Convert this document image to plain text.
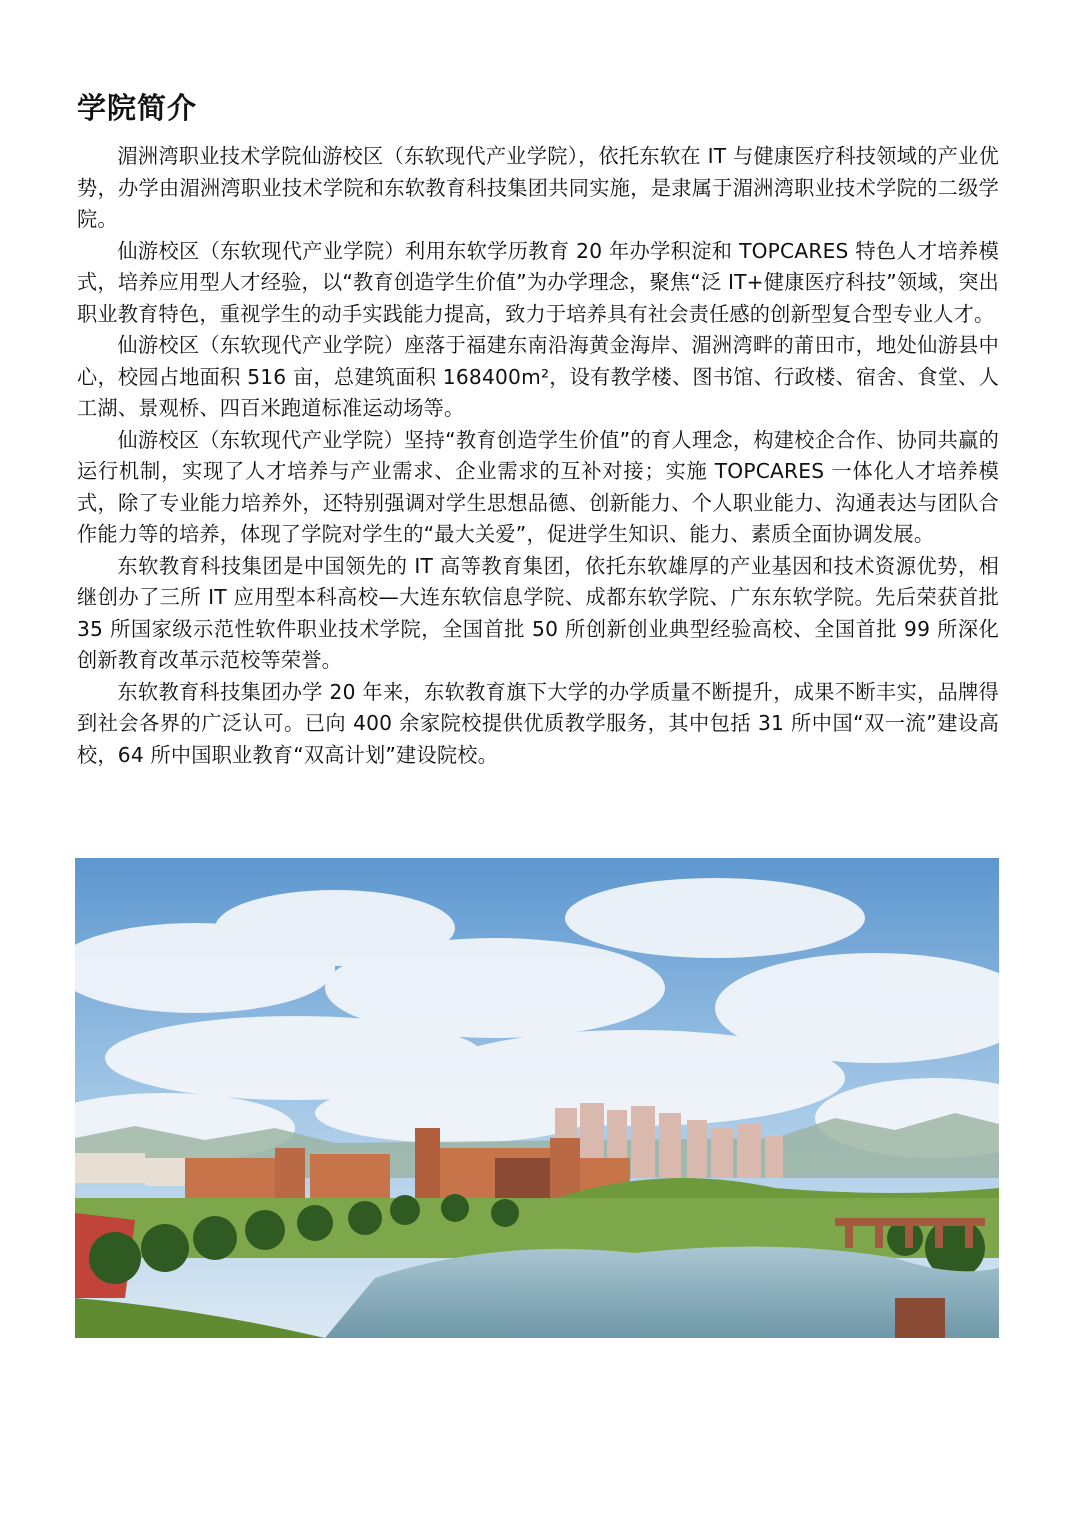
学院简介

湄洲湾职业技术学院仙游校区（东软现代产业学院），依托东软在 IT 与健康医疗科技领域的产业优势，办学由湄洲湾职业技术学院和东软教育科技集团共同实施，是隶属于湄洲湾职业技术学院的二级学院。

仙游校区（东软现代产业学院）利用东软学历教育 20 年办学积淀和 TOPCARES 特色人才培养模式，培养应用型人才经验，以“教育创造学生价值”为办学理念，聚焦“泛 IT+健康医疗科技”领域，突出职业教育特色，重视学生的动手实践能力提高，致力于培养具有社会责任感的创新型复合型专业人才。

仙游校区（东软现代产业学院）座落于福建东南沿海黄金海岸、湄洲湾畔的莆田市，地处仙游县中心，校园占地面积 516 亩，总建筑面积 168400m²，设有教学楼、图书馆、行政楼、宿舍、食堂、人工湖、景观桥、四百米跑道标准运动场等。

仙游校区（东软现代产业学院）坚持“教育创造学生价值”的育人理念，构建校企合作、协同共赢的运行机制，实现了人才培养与产业需求、企业需求的互补对接；实施 TOPCARES 一体化人才培养模式，除了专业能力培养外，还特别强调对学生思想品德、创新能力、个人职业能力、沟通表达与团队合作能力等的培养，体现了学院对学生的“最大关爱”，促进学生知识、能力、素质全面协调发展。

东软教育科技集团是中国领先的 IT 高等教育集团，依托东软雄厚的产业基因和技术资源优势，相继创办了三所 IT 应用型本科高校—大连东软信息学院、成都东软学院、广东东软学院。先后荣获首批 35 所国家级示范性软件职业技术学院，全国首批 50 所创新创业典型经验高校、全国首批 99 所深化创新教育改革示范校等荣誉。

东软教育科技集团办学 20 年来，东软教育旗下大学的办学质量不断提升，成果不断丰实，品牌得到社会各界的广泛认可。已向 400 余家院校提供优质教学服务，其中包括 31 所中国“双一流”建设高校，64 所中国职业教育“双高计划”建设院校。
